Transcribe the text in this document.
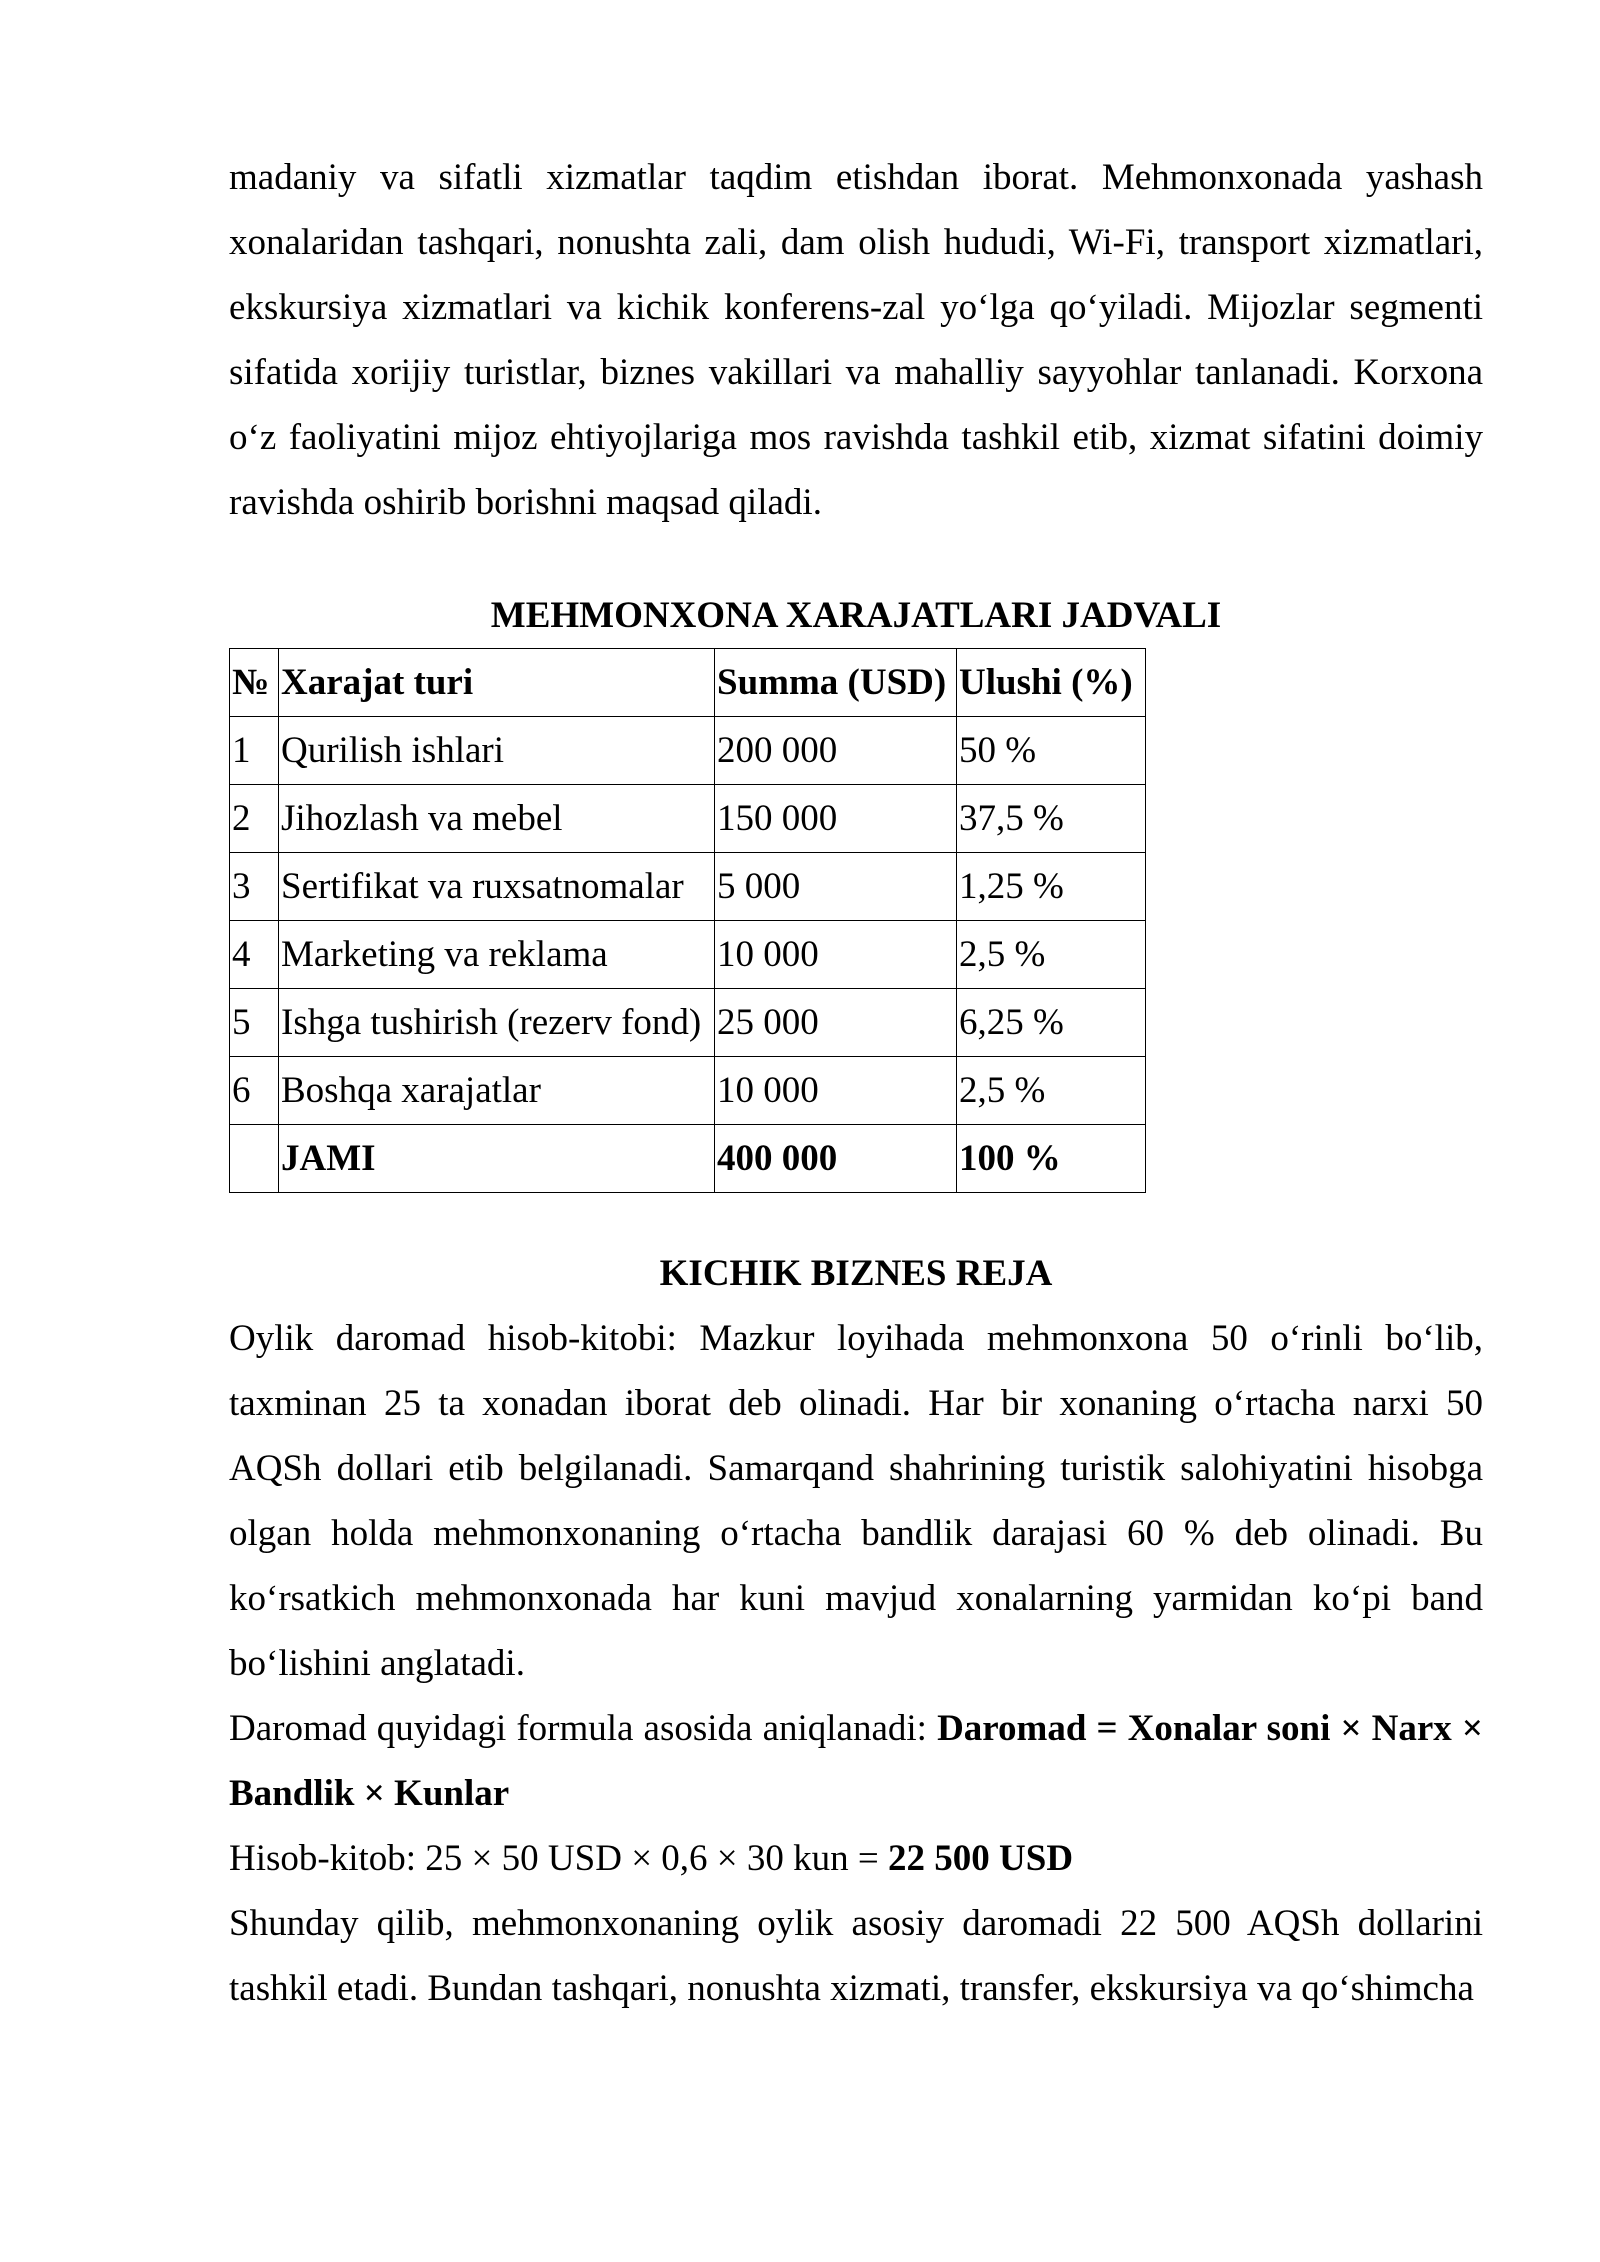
madaniy va sifatli xizmatlar taqdim etishdan iborat. Mehmonxonada yashash xonalaridan tashqari, nonushta zali, dam olish hududi, Wi-Fi, transport xizmatlari, ekskursiya xizmatlari va kichik konferens-zal yo‘lga qo‘yiladi. Mijozlar segmenti sifatida xorijiy turistlar, biznes vakillari va mahalliy sayyohlar tanlanadi. Korxona o‘z faoliyatini mijoz ehtiyojlariga mos ravishda tashkil etib, xizmat sifatini doimiy ravishda oshirib borishni maqsad qiladi.

MEHMONXONA XARAJATLARI JADVALI

№	Xarajat turi	Summa (USD)	Ulushi (%)
1	Qurilish ishlari	200 000	50 %
2	Jihozlash va mebel	150 000	37,5 %
3	Sertifikat va ruxsatnomalar	5 000	1,25 %
4	Marketing va reklama	10 000	2,5 %
5	Ishga tushirish (rezerv fond)	25 000	6,25 %
6	Boshqa xarajatlar	10 000	2,5 %
	JAMI	400 000	100 %

KICHIK BIZNES REJA

Oylik daromad hisob-kitobi: Mazkur loyihada mehmonxona 50 o‘rinli bo‘lib, taxminan 25 ta xonadan iborat deb olinadi. Har bir xonaning o‘rtacha narxi 50 AQSh dollari etib belgilanadi. Samarqand shahrining turistik salohiyatini hisobga olgan holda mehmonxonaning o‘rtacha bandlik darajasi 60 % deb olinadi. Bu ko‘rsatkich mehmonxonada har kuni mavjud xonalarning yarmidan ko‘pi band bo‘lishini anglatadi.

Daromad quyidagi formula asosida aniqlanadi: Daromad = Xonalar soni × Narx × Bandlik × Kunlar

Hisob-kitob: 25 × 50 USD × 0,6 × 30 kun = 22 500 USD

Shunday qilib, mehmonxonaning oylik asosiy daromadi 22 500 AQSh dollarini tashkil etadi. Bundan tashqari, nonushta xizmati, transfer, ekskursiya va qo‘shimcha
